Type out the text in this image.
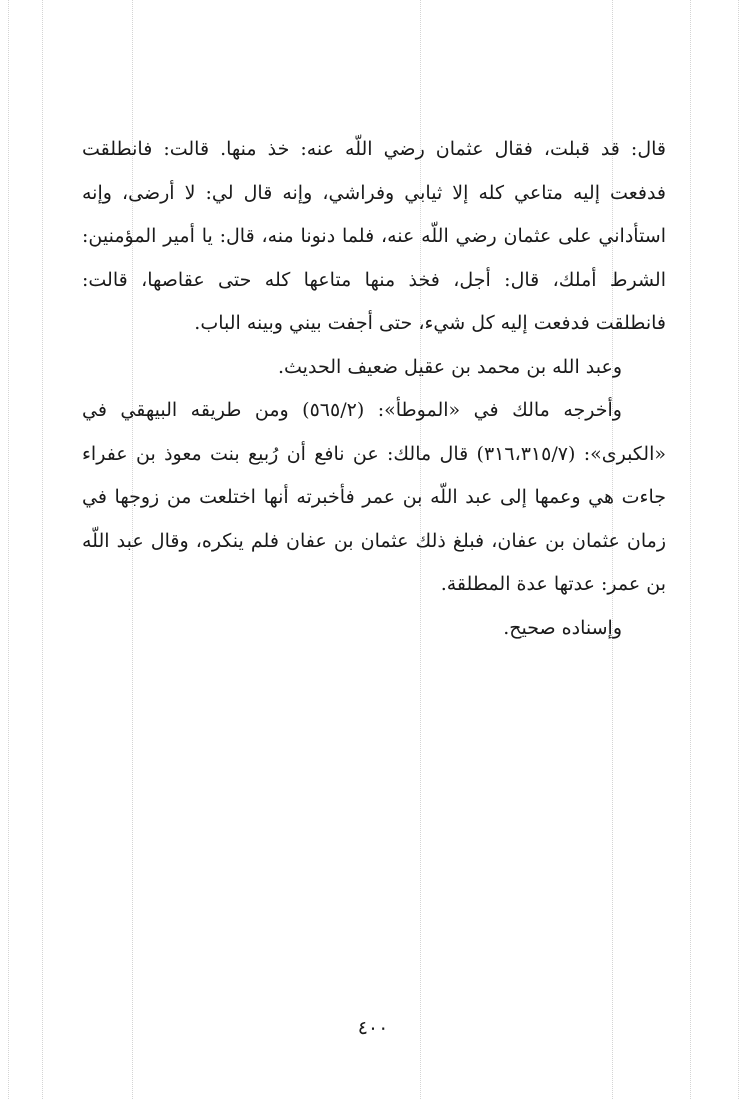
قال: قد قبلت، فقال عثمان رضي اللّه عنه: خذ منها. قالت: فانطلقت فدفعت إليه متاعي كله إلا ثيابي وفراشي، وإنه قال لي: لا أرضى، وإنه استأداني على عثمان رضي اللّه عنه، فلما دنونا منه، قال: يا أمير المؤمنين: الشرط أملك، قال: أجل، فخذ منها متاعها كله حتى عقاصها، قالت: فانطلقت فدفعت إليه كل شيء، حتى أجفت بيني وبينه الباب.

وعبد الله بن محمد بن عقيل ضعيف الحديث.

وأخرجه مالك في «الموطأ»: (٥٦٥/٢) ومن طريقه البيهقي في «الكبرى»: (٣١٦،٣١٥/٧) قال مالك: عن نافع أن رُبيع بنت معوذ بن عفراء جاءت هي وعمها إلى عبد اللّه بن عمر فأخبرته أنها اختلعت من زوجها في زمان عثمان بن عفان، فبلغ ذلك عثمان بن عفان فلم ينكره، وقال عبد اللّه بن عمر: عدتها عدة المطلقة.

وإسناده صحيح.

٤٠٠
